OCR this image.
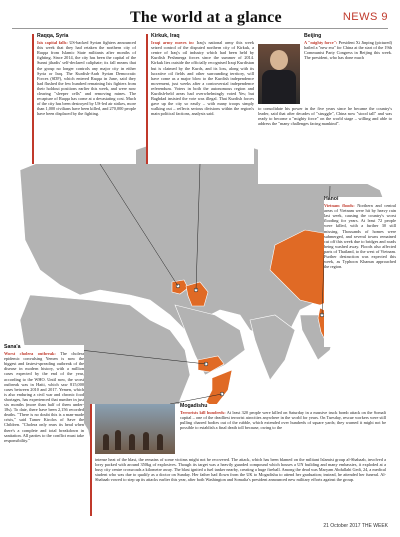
The world at a glance	NEWS 9
Raqqa, Syria

Isis capital falls: US-backed Syrian fighters announced this week that they had retaken the northern city of Raqqa from Islamic State militants after months of fighting. Since 2014, the city has been the capital of the Sunni jihadis' self-declared caliphate; its fall means that the group no longer controls any major city in either Syria or Iraq. The Kurdish-Arab Syrian Democratic Forces (SDF), which entered Raqqa in June, said they had flushed the few hundred remaining Isis fighters from their holdout positions earlier this week, and were now clearing "sleeper cells" and removing mines. The recapture of Raqqa has come at a devastating cost. Much of the city has been destroyed by US-led air strikes, more than 1,000 civilians have been killed, and 270,000 people have been displaced by the fighting.

Kirkuk, Iraq

Iraqi army moves in: Iraq's national army this week seized control of the disputed northern city of Kirkuk, a centre of Iraq's oil industry which had been held by Kurdish Peshmerga forces since the summer of 2014. Kirkuk lies outside the officially recognised Iraqi Kurdistan but is claimed by the Kurds, and its loss, along with its lucrative oil fields and other surrounding territory, will have come as a major blow to the Kurdish independence movement, just weeks after a controversial independence referendum. Voters in both the autonomous region and Kurdish-held areas had overwhelmingly voted Yes; but Baghdad insisted the vote was illegal. That Kurdish forces gave up the city so easily – with many troops simply walking out – reflects serious divisions within the region's main political factions, analysts said.

Beijing

A "mighty force": President Xi Jinping (pictured) hailed a "new era" for China at the start of the 19th Communist Party Congress in Beijing this week. The president, who has done much

to consolidate his power in the five years since he became the country's leader, said that after decades of "struggle", China now "stood tall" and was ready to become a "mighty force" on the world stage – willing and able to address the "many challenges facing mankind".

Hanoi

Vietnam floods: Northern and central areas of Vietnam were hit by heavy rain last week, causing the country's worst flooding for years. At least 72 people were killed, with a further 30 still missing. Thousands of homes were submerged, and several towns remained cut off this week due to bridges and roads being washed away. Floods also affected parts of Thailand, to the west of Vietnam. Further destruction was expected this week, as Typhoon Khanun approached the region.

Sana'a

Worst cholera outbreak: The cholera epidemic convulsing Yemen is now the biggest and fastest-spreading outbreak of the disease in modern history, with a million cases expected by the end of the year, according to the WHO. Until now, the worst outbreak was in Haiti, which saw 815,000 cases between 2010 and 2017. Yemen, which is also enduring a civil war and chronic food shortages, has experienced that number in just six months (more than half of them under-18s). To date, there have been 2,156 recorded deaths. "There is no doubt this is a man-made crisis," said Tamer Kirolos of Save the Children. "Cholera only rears its head when there's a complete and total breakdown in sanitation. All parties to the conflict must take responsibility."

Mogadishu

Terrorists kill hundreds: At least 320 people were killed on Saturday in a massive truck bomb attack on the Somali capital – one of the deadliest terrorist atrocities anywhere in the world for years. On Tuesday, rescue workers were still pulling charred bodies out of the rubble, which extended over hundreds of square yards; they warned it might not be possible to establish a final death toll because, owing to the

intense heat of the blast, the remains of some victims might not be recovered. The attack, which has been blamed on the militant Islamist group al-Shabaab, involved a lorry packed with around 350kg of explosives. Though its target was a heavily guarded compound which houses a UN building and many embassies, it exploded at a busy city centre crossroads a kilometre away. The blast ignited a fuel tanker nearby, creating a huge fireball. Among the dead was Maryam Abdullahi Gedi, 24, a medical student who was due to qualify as a doctor on Sunday. Her father had flown from the UK to Mogadishu to attend her graduation; instead, he attended her funeral. Al-Shabaab vowed to step up its attacks earlier this year, after both Washington and Somalia's president announced new military efforts against the group.

21 October 2017 THE WEEK
